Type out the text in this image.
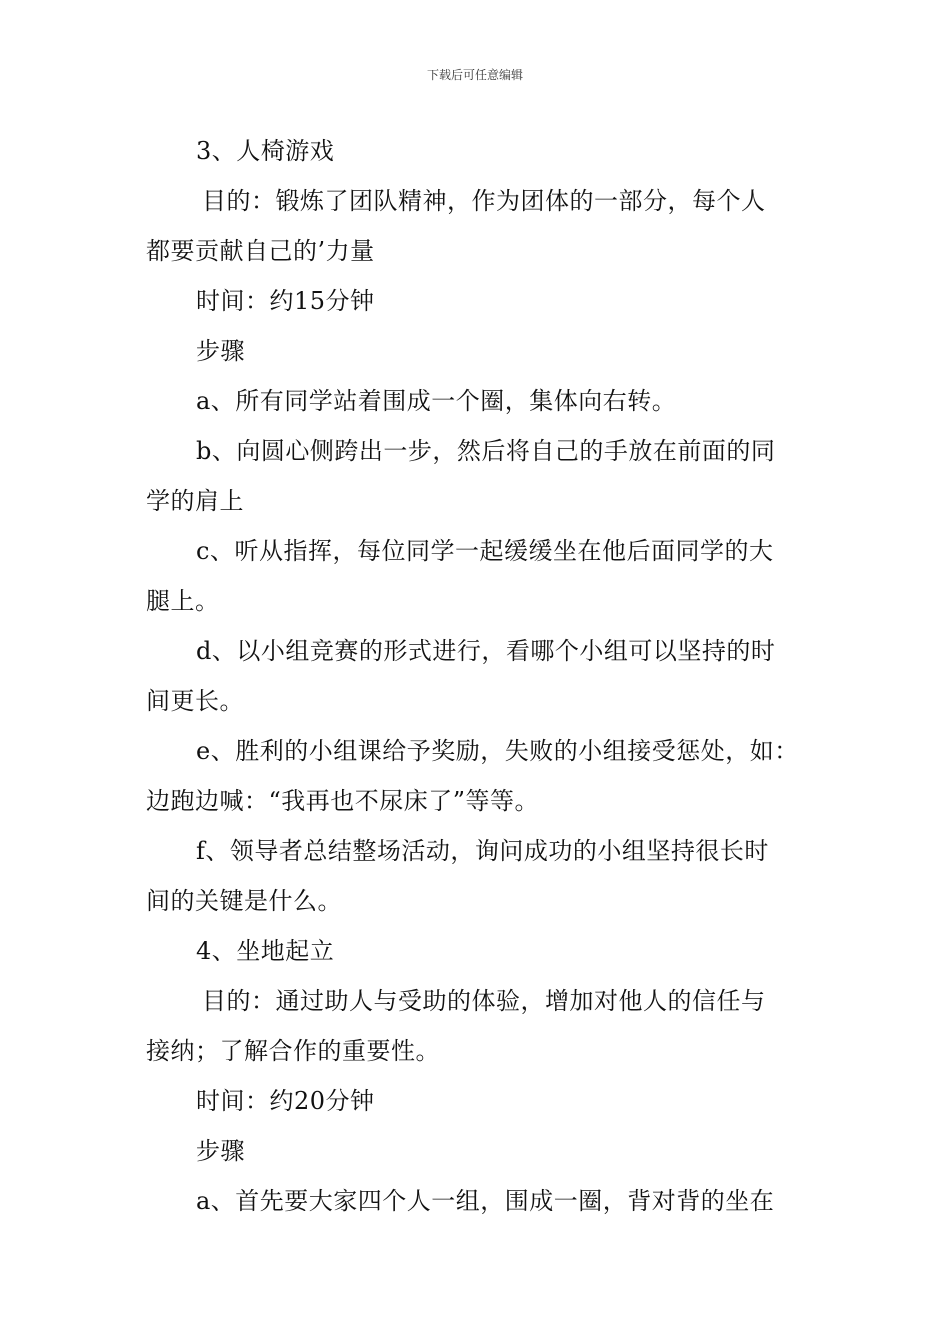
下载后可任意编辑
3、人椅游戏
目的：锻炼了团队精神，作为团体的一部分，每个人
都要贡献自己的’力量
时间：约15分钟
步骤
a、所有同学站着围成一个圈，集体向右转。
b、向圆心侧跨出一步，然后将自己的手放在前面的同
学的肩上
c、听从指挥，每位同学一起缓缓坐在他后面同学的大
腿上。
d、以小组竞赛的形式进行，看哪个小组可以坚持的时
间更长。
e、胜利的小组课给予奖励，失败的小组接受惩处，如：
边跑边喊：“我再也不尿床了”等等。
f、领导者总结整场活动，询问成功的小组坚持很长时
间的关键是什么。
4、坐地起立
目的：通过助人与受助的体验，增加对他人的信任与
接纳；了解合作的重要性。
时间：约20分钟
步骤
a、首先要大家四个人一组，围成一圈，背对背的坐在
